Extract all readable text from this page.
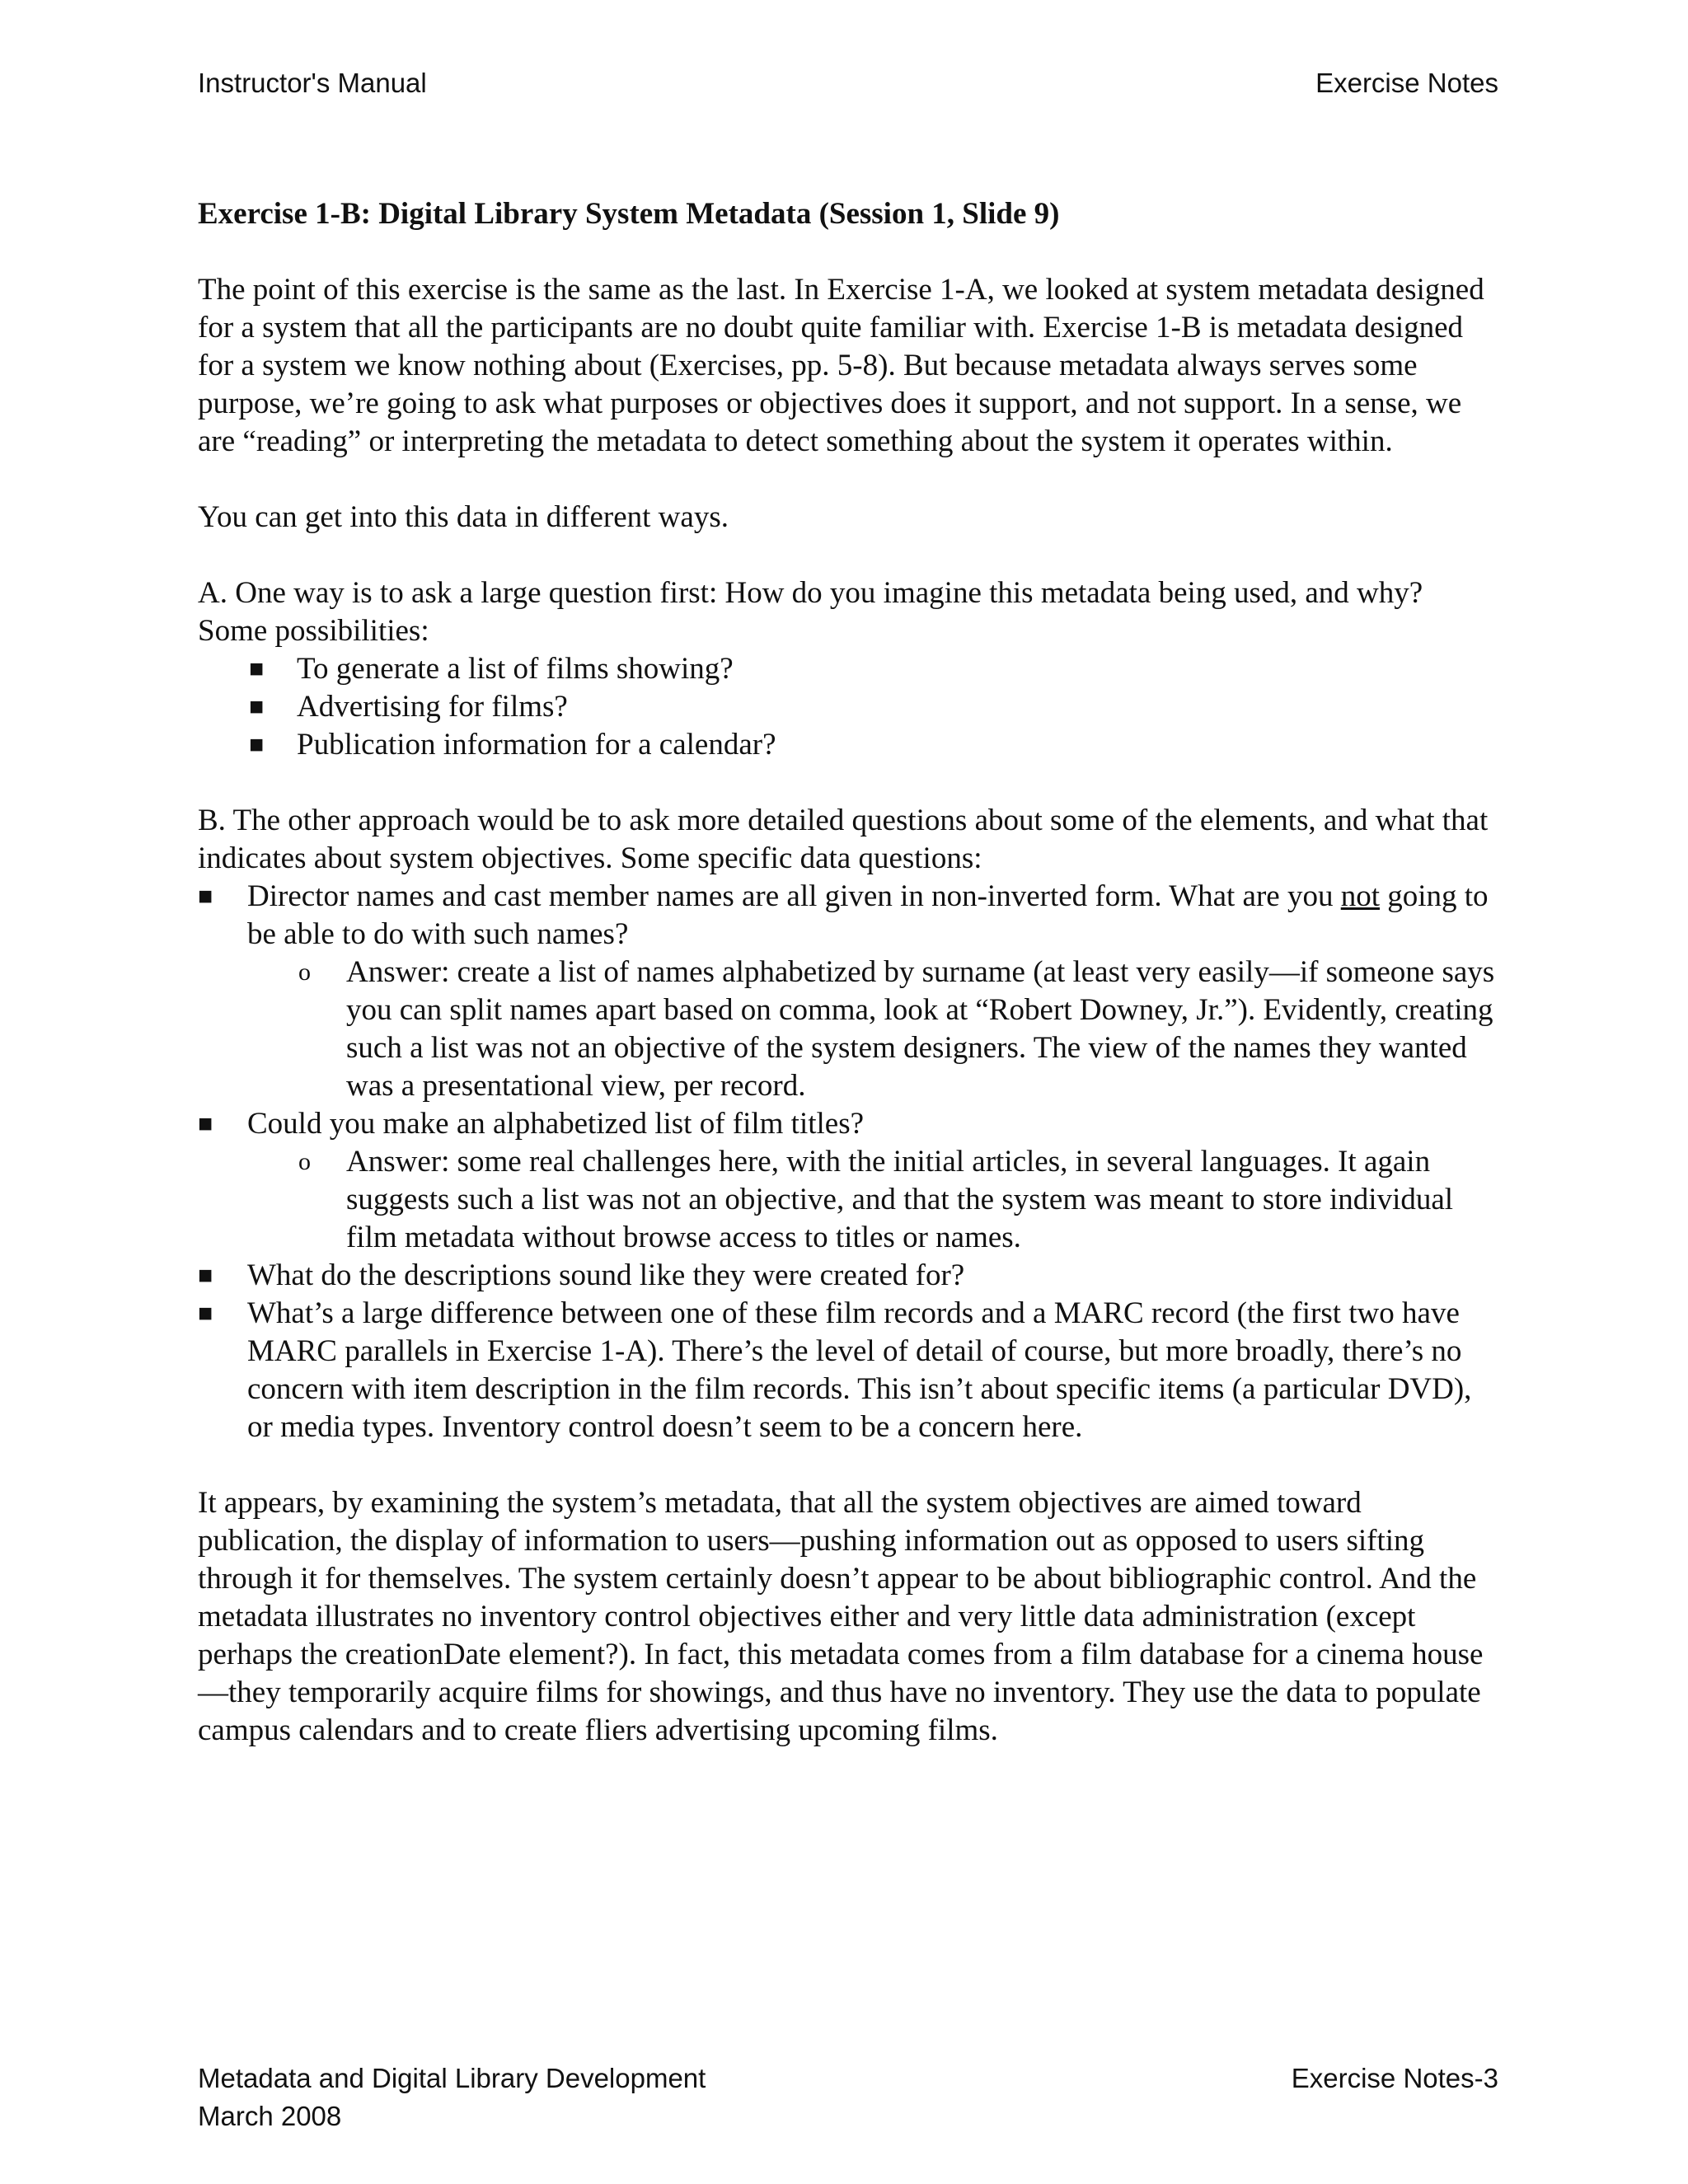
Instructor's Manual	Exercise Notes
Exercise 1-B: Digital Library System Metadata (Session 1, Slide 9)

The point of this exercise is the same as the last. In Exercise 1-A, we looked at system metadata designed for a system that all the participants are no doubt quite familiar with. Exercise 1-B is metadata designed for a system we know nothing about (Exercises, pp. 5-8). But because metadata always serves some purpose, we’re going to ask what purposes or objectives does it support, and not support. In a sense, we are “reading” or interpreting the metadata to detect something about the system it operates within.

You can get into this data in different ways.

A. One way is to ask a large question first: How do you imagine this metadata being used, and why? Some possibilities:

■ To generate a list of films showing?
■ Advertising for films?
■ Publication information for a calendar?

B. The other approach would be to ask more detailed questions about some of the elements, and what that indicates about system objectives. Some specific data questions:

■ Director names and cast member names are all given in non-inverted form. What are you not going to be able to do with such names?
o Answer: create a list of names alphabetized by surname (at least very easily—if someone says you can split names apart based on comma, look at “Robert Downey, Jr.”). Evidently, creating such a list was not an objective of the system designers. The view of the names they wanted was a presentational view, per record.
■ Could you make an alphabetized list of film titles?
o Answer: some real challenges here, with the initial articles, in several languages. It again suggests such a list was not an objective, and that the system was meant to store individual film metadata without browse access to titles or names.
■ What do the descriptions sound like they were created for?
■ What’s a large difference between one of these film records and a MARC record (the first two have MARC parallels in Exercise 1-A). There’s the level of detail of course, but more broadly, there’s no concern with item description in the film records. This isn’t about specific items (a particular DVD), or media types. Inventory control doesn’t seem to be a concern here.

It appears, by examining the system’s metadata, that all the system objectives are aimed toward publication, the display of information to users—pushing information out as opposed to users sifting through it for themselves. The system certainly doesn’t appear to be about bibliographic control. And the metadata illustrates no inventory control objectives either and very little data administration (except perhaps the creationDate element?). In fact, this metadata comes from a film database for a cinema house—they temporarily acquire films for showings, and thus have no inventory. They use the data to populate campus calendars and to create fliers advertising upcoming films.

Metadata and Digital Library Development	Exercise Notes-3
March 2008
